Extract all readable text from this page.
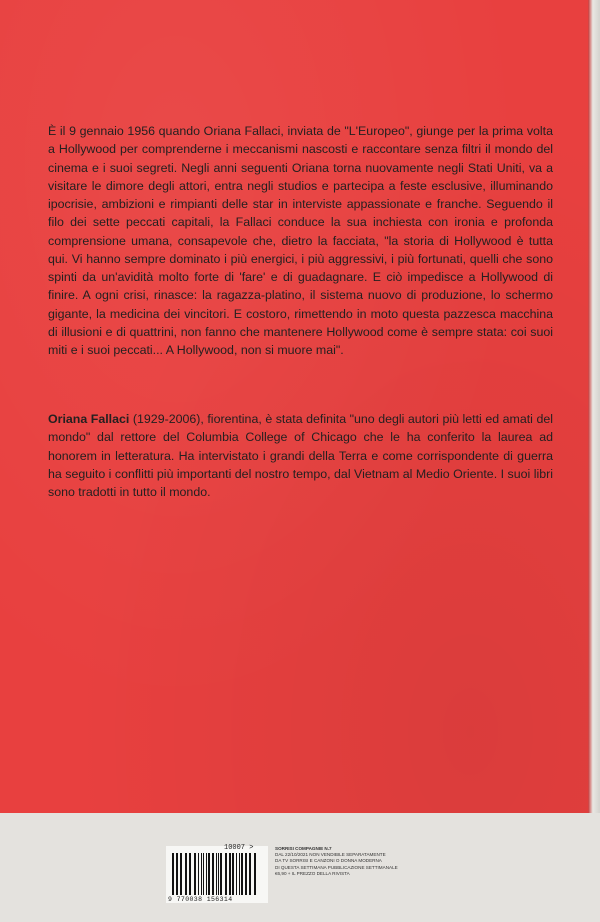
È il 9 gennaio 1956 quando Oriana Fallaci, inviata de "L'Europeo", giunge per la prima volta a Hollywood per comprenderne i meccanismi nascosti e raccontare senza filtri il mondo del cinema e i suoi segreti. Negli anni seguenti Oriana torna nuovamente negli Stati Uniti, va a visitare le dimore degli attori, entra negli studios e partecipa a feste esclusive, illuminando ipocrisie, ambizioni e rimpianti delle star in interviste appassionate e franche. Seguendo il filo dei sette peccati capitali, la Fallaci conduce la sua inchiesta con ironia e profonda comprensione umana, consapevole che, dietro la facciata, "la storia di Hollywood è tutta qui. Vi hanno sempre dominato i più energici, i più aggressivi, i più fortunati, quelli che sono spinti da un'avidità molto forte di 'fare' e di guadagnare. E ciò impedisce a Hollywood di finire. A ogni crisi, rinasce: la ragazza-platino, il sistema nuovo di produzione, lo schermo gigante, la medicina dei vincitori. E costoro, rimettendo in moto questa pazzesca macchina di illusioni e di quattrini, non fanno che mantenere Hollywood come è sempre stata: coi suoi miti e i suoi peccati... A Hollywood, non si muore mai".

Oriana Fallaci (1929-2006), fiorentina, è stata definita "uno degli autori più letti ed amati del mondo" dal rettore del Columbia College of Chicago che le ha conferito la laurea ad honorem in letteratura. Ha intervistato i grandi della Terra e come corrispondente di guerra ha seguito i conflitti più importanti del nostro tempo, dal Vietnam al Medio Oriente. I suoi libri sono tradotti in tutto il mondo.

10007 >
9 770038 156314
SORRISI COMPAGNIE N.7
DAL 22/10/2021 NON VENDIBILE SEPARATAMENTE
DA TV SORRISI E CANZONI O DONNA MODERNA
DI QUESTA SETTIMANA PUBBLICAZIONE SETTIMANALE
€6,90 + IL PREZZO DELLA RIVISTA
